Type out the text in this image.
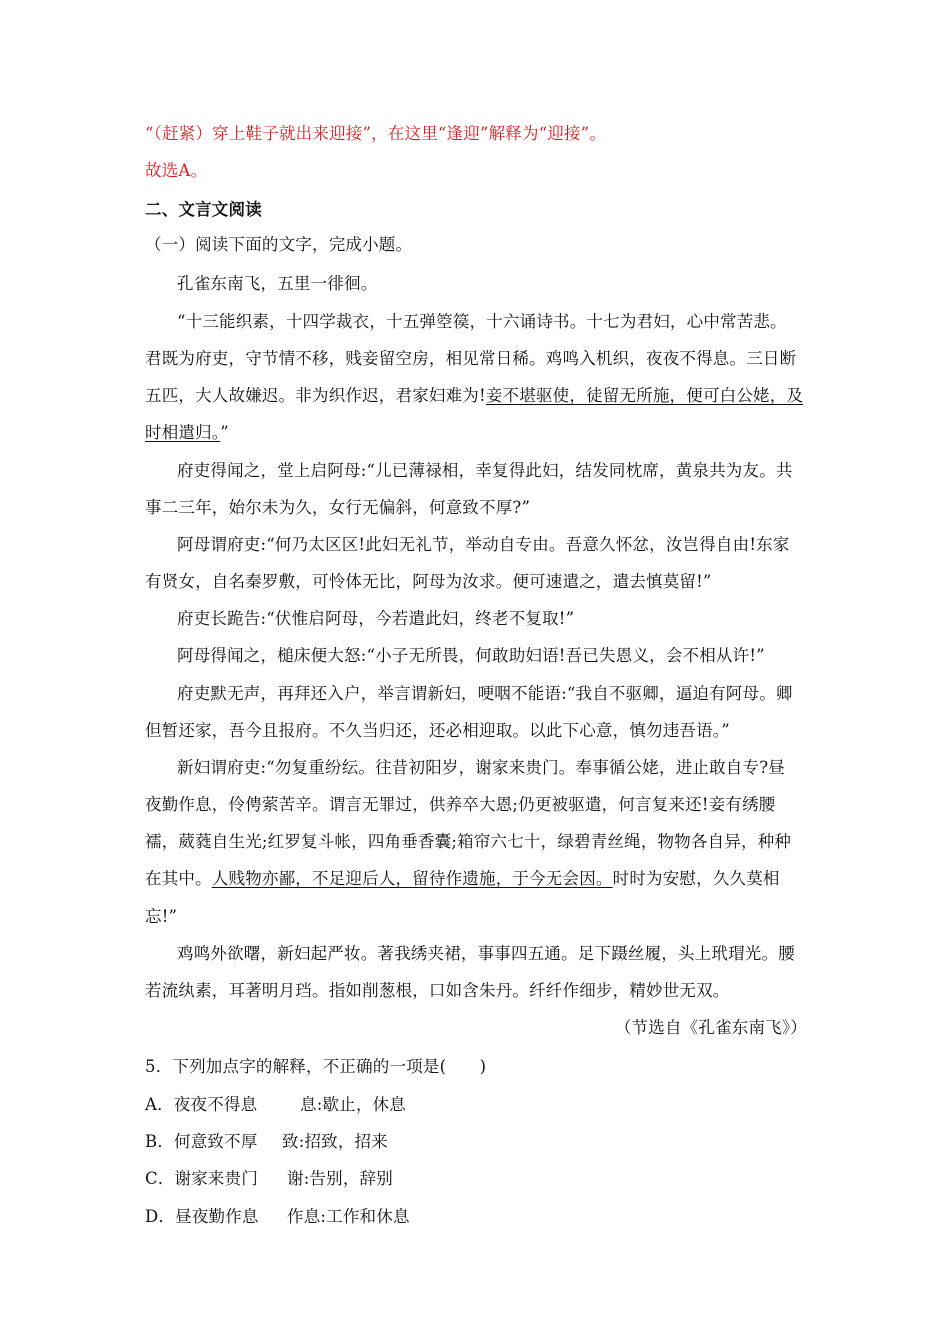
“（赶紧）穿上鞋子就出来迎接”，在这里“逢迎”解释为“迎接”。
故选A。
二、文言文阅读
（一）阅读下面的文字，完成小题。
孔雀东南飞，五里一徘徊。
“十三能织素，十四学裁衣，十五弹箜篌，十六诵诗书。十七为君妇，心中常苦悲。
君既为府吏，守节情不移，贱妾留空房，相见常日稀。鸡鸣入机织，夜夜不得息。三日断
五匹，大人故嫌迟。非为织作迟，君家妇难为!妾不堪驱使，徒留无所施，便可白公姥，及
时相遣归。”
府吏得闻之，堂上启阿母:“儿已薄禄相，幸复得此妇，结发同枕席，黄泉共为友。共
事二三年，始尔未为久，女行无偏斜，何意致不厚?”
阿母谓府吏:“何乃太区区!此妇无礼节，举动自专由。吾意久怀忿，汝岂得自由!东家
有贤女，自名秦罗敷，可怜体无比，阿母为汝求。便可速遣之，遣去慎莫留!”
府吏长跪告:“伏惟启阿母，今若遣此妇，终老不复取!”
阿母得闻之，槌床便大怒:“小子无所畏，何敢助妇语!吾已失恩义，会不相从许!”
府吏默无声，再拜还入户，举言谓新妇，哽咽不能语:“我自不驱卿，逼迫有阿母。卿
但暂还家，吾今且报府。不久当归还，还必相迎取。以此下心意，慎勿违吾语。”
新妇谓府吏:“勿复重纷纭。往昔初阳岁，谢家来贵门。奉事循公姥，进止敢自专?昼
夜勤作息，伶俜萦苦辛。谓言无罪过，供养卒大恩;仍更被驱遣，何言复来还!妾有绣腰
襦，葳蕤自生光;红罗复斗帐，四角垂香囊;箱帘六七十，绿碧青丝绳，物物各自异，种种
在其中。人贱物亦鄙，不足迎后人，留待作遗施，于今无会因。时时为安慰，久久莫相
忘!”
鸡鸣外欲曙，新妇起严妆。著我绣夹裙，事事四五通。足下蹑丝履，头上玳瑁光。腰
若流纨素，耳著明月珰。指如削葱根，口如含朱丹。纤纤作细步，精妙世无双。
（节选自《孔雀东南飞》）
5．下列加点字的解释，不正确的一项是(　　)
A．夜夜不得息	息:歇止，休息
B．何意致不厚 致:招致，招来
C．谢家来贵门 谢:告别，辞别
D．昼夜勤作息 作息:工作和休息
